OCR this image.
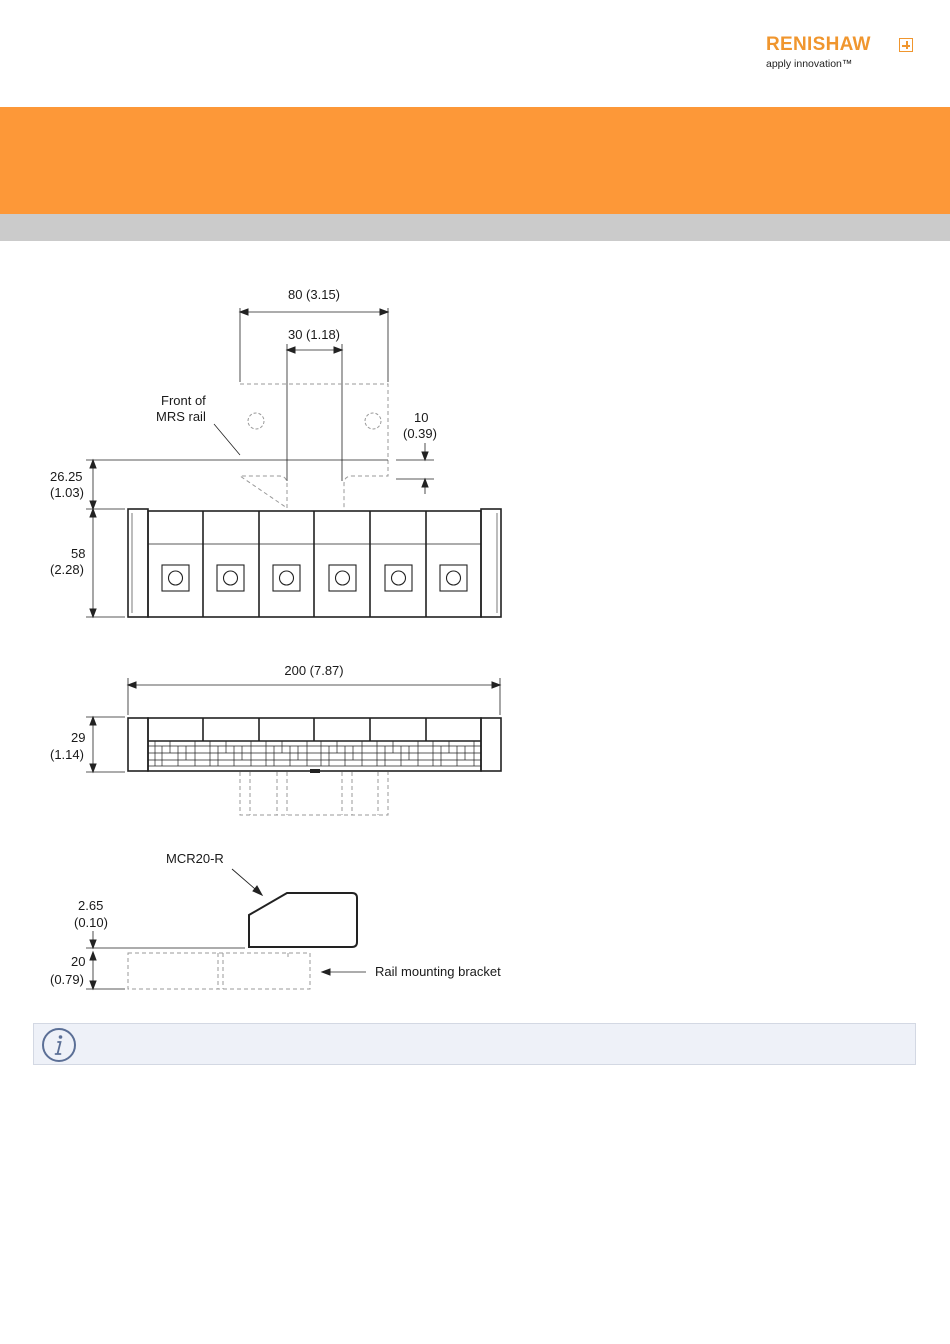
RENISHAW
apply innovation™
80 (3.15)
30 (1.18)
Front of
MRS rail	10
(0.39)
26.25
(1.03)
58
(2.28)
200 (7.87)
29
(1.14)
MCR20-R
2.65
(0.10)
20
(0.79)
Rail mounting bracket
